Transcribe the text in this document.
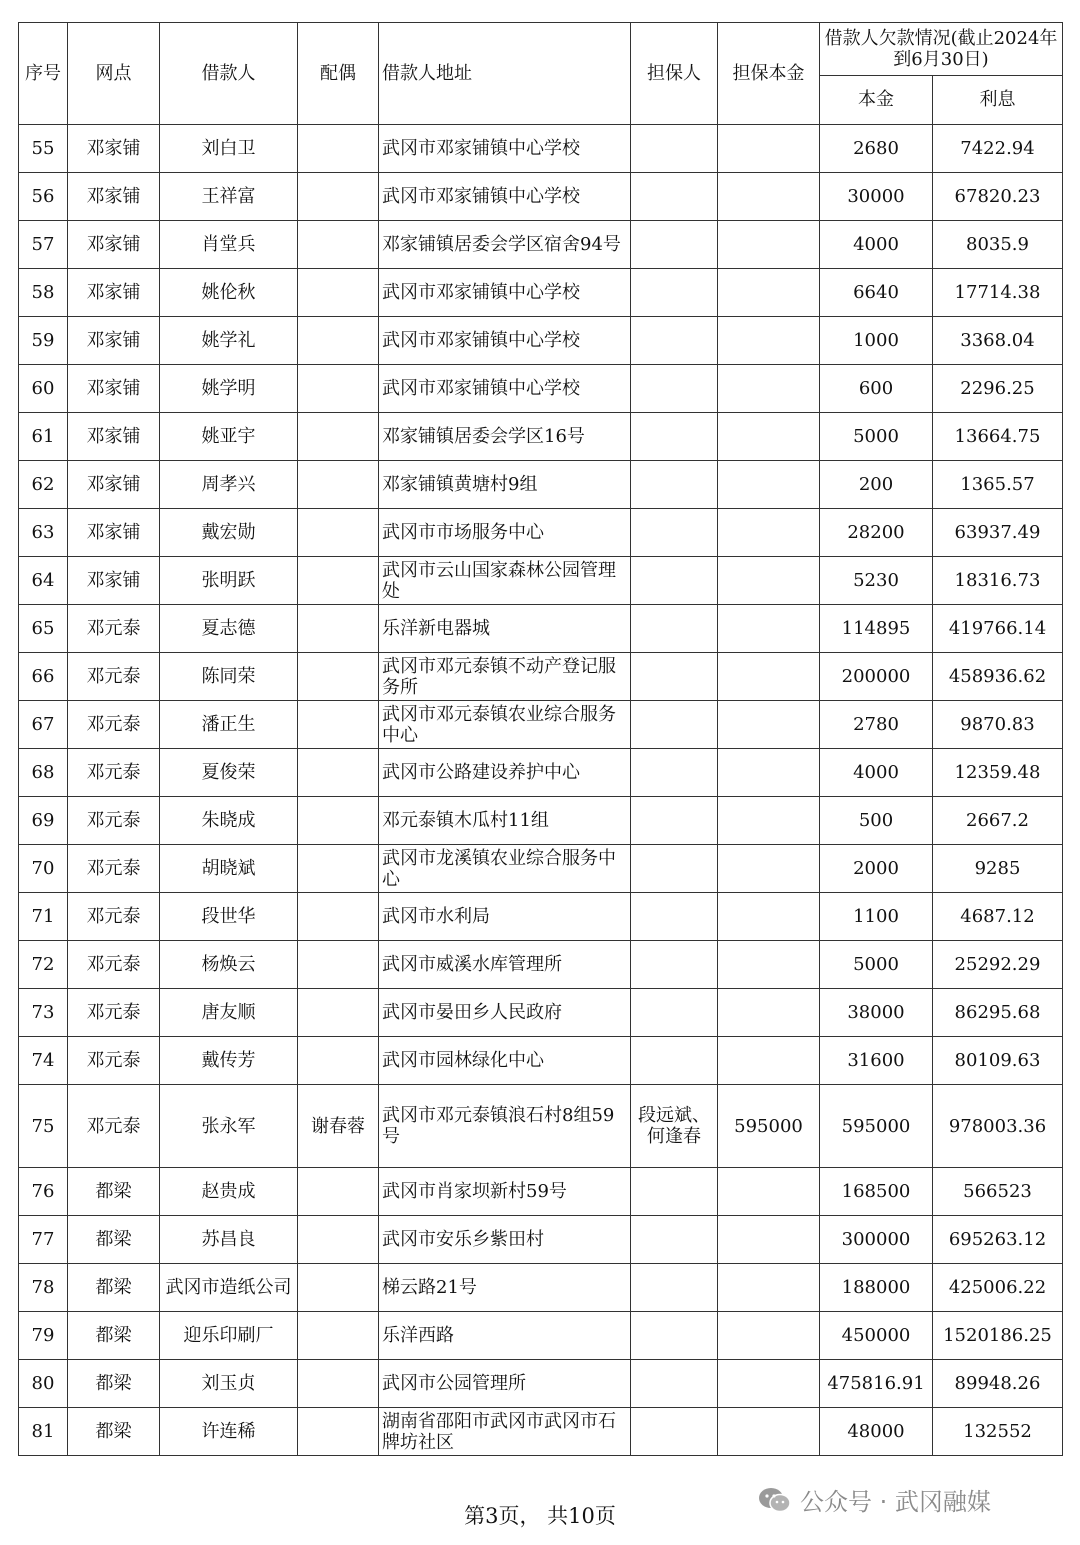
序号	网点	借款人	配偶	借款人地址	担保人	担保本金	借款人欠款情况(截止2024年到6月30日)	
							本金	利息
55	邓家铺	刘白卫		武冈市邓家铺镇中心学校			2680	7422.94
56	邓家铺	王祥富		武冈市邓家铺镇中心学校			30000	67820.23
57	邓家铺	肖堂兵		邓家铺镇居委会学区宿舍94号			4000	8035.9
58	邓家铺	姚伦秋		武冈市邓家铺镇中心学校			6640	17714.38
59	邓家铺	姚学礼		武冈市邓家铺镇中心学校			1000	3368.04
60	邓家铺	姚学明		武冈市邓家铺镇中心学校			600	2296.25
61	邓家铺	姚亚宇		邓家铺镇居委会学区16号			5000	13664.75
62	邓家铺	周孝兴		邓家铺镇黄塘村9组			200	1365.57
63	邓家铺	戴宏勋		武冈市市场服务中心			28200	63937.49
64	邓家铺	张明跃		武冈市云山国家森林公园管理处			5230	18316.73
65	邓元泰	夏志德		乐洋新电器城			114895	419766.14
66	邓元泰	陈同荣		武冈市邓元泰镇不动产登记服务所			200000	458936.62
67	邓元泰	潘正生		武冈市邓元泰镇农业综合服务中心			2780	9870.83
68	邓元泰	夏俊荣		武冈市公路建设养护中心			4000	12359.48
69	邓元泰	朱晓成		邓元泰镇木瓜村11组			500	2667.2
70	邓元泰	胡晓斌		武冈市龙溪镇农业综合服务中心			2000	9285
71	邓元泰	段世华		武冈市水利局			1100	4687.12
72	邓元泰	杨焕云		武冈市威溪水库管理所			5000	25292.29
73	邓元泰	唐友顺		武冈市晏田乡人民政府			38000	86295.68
74	邓元泰	戴传芳		武冈市园林绿化中心			31600	80109.63
75	邓元泰	张永军	谢春蓉	武冈市邓元泰镇浪石村8组59号	段远斌、何逢春	595000	595000	978003.36
76	都梁	赵贵成		武冈市肖家坝新村59号			168500	566523
77	都梁	苏昌良		武冈市安乐乡紫田村			300000	695263.12
78	都梁	武冈市造纸公司		梯云路21号			188000	425006.22
79	都梁	迎乐印刷厂		乐洋西路			450000	1520186.25
80	都梁	刘玉贞		武冈市公园管理所			475816.91	89948.26
81	都梁	许连稀		湖南省邵阳市武冈市武冈市石牌坊社区			48000	132552
第3页， 共10页	公众号 · 武冈融媒
